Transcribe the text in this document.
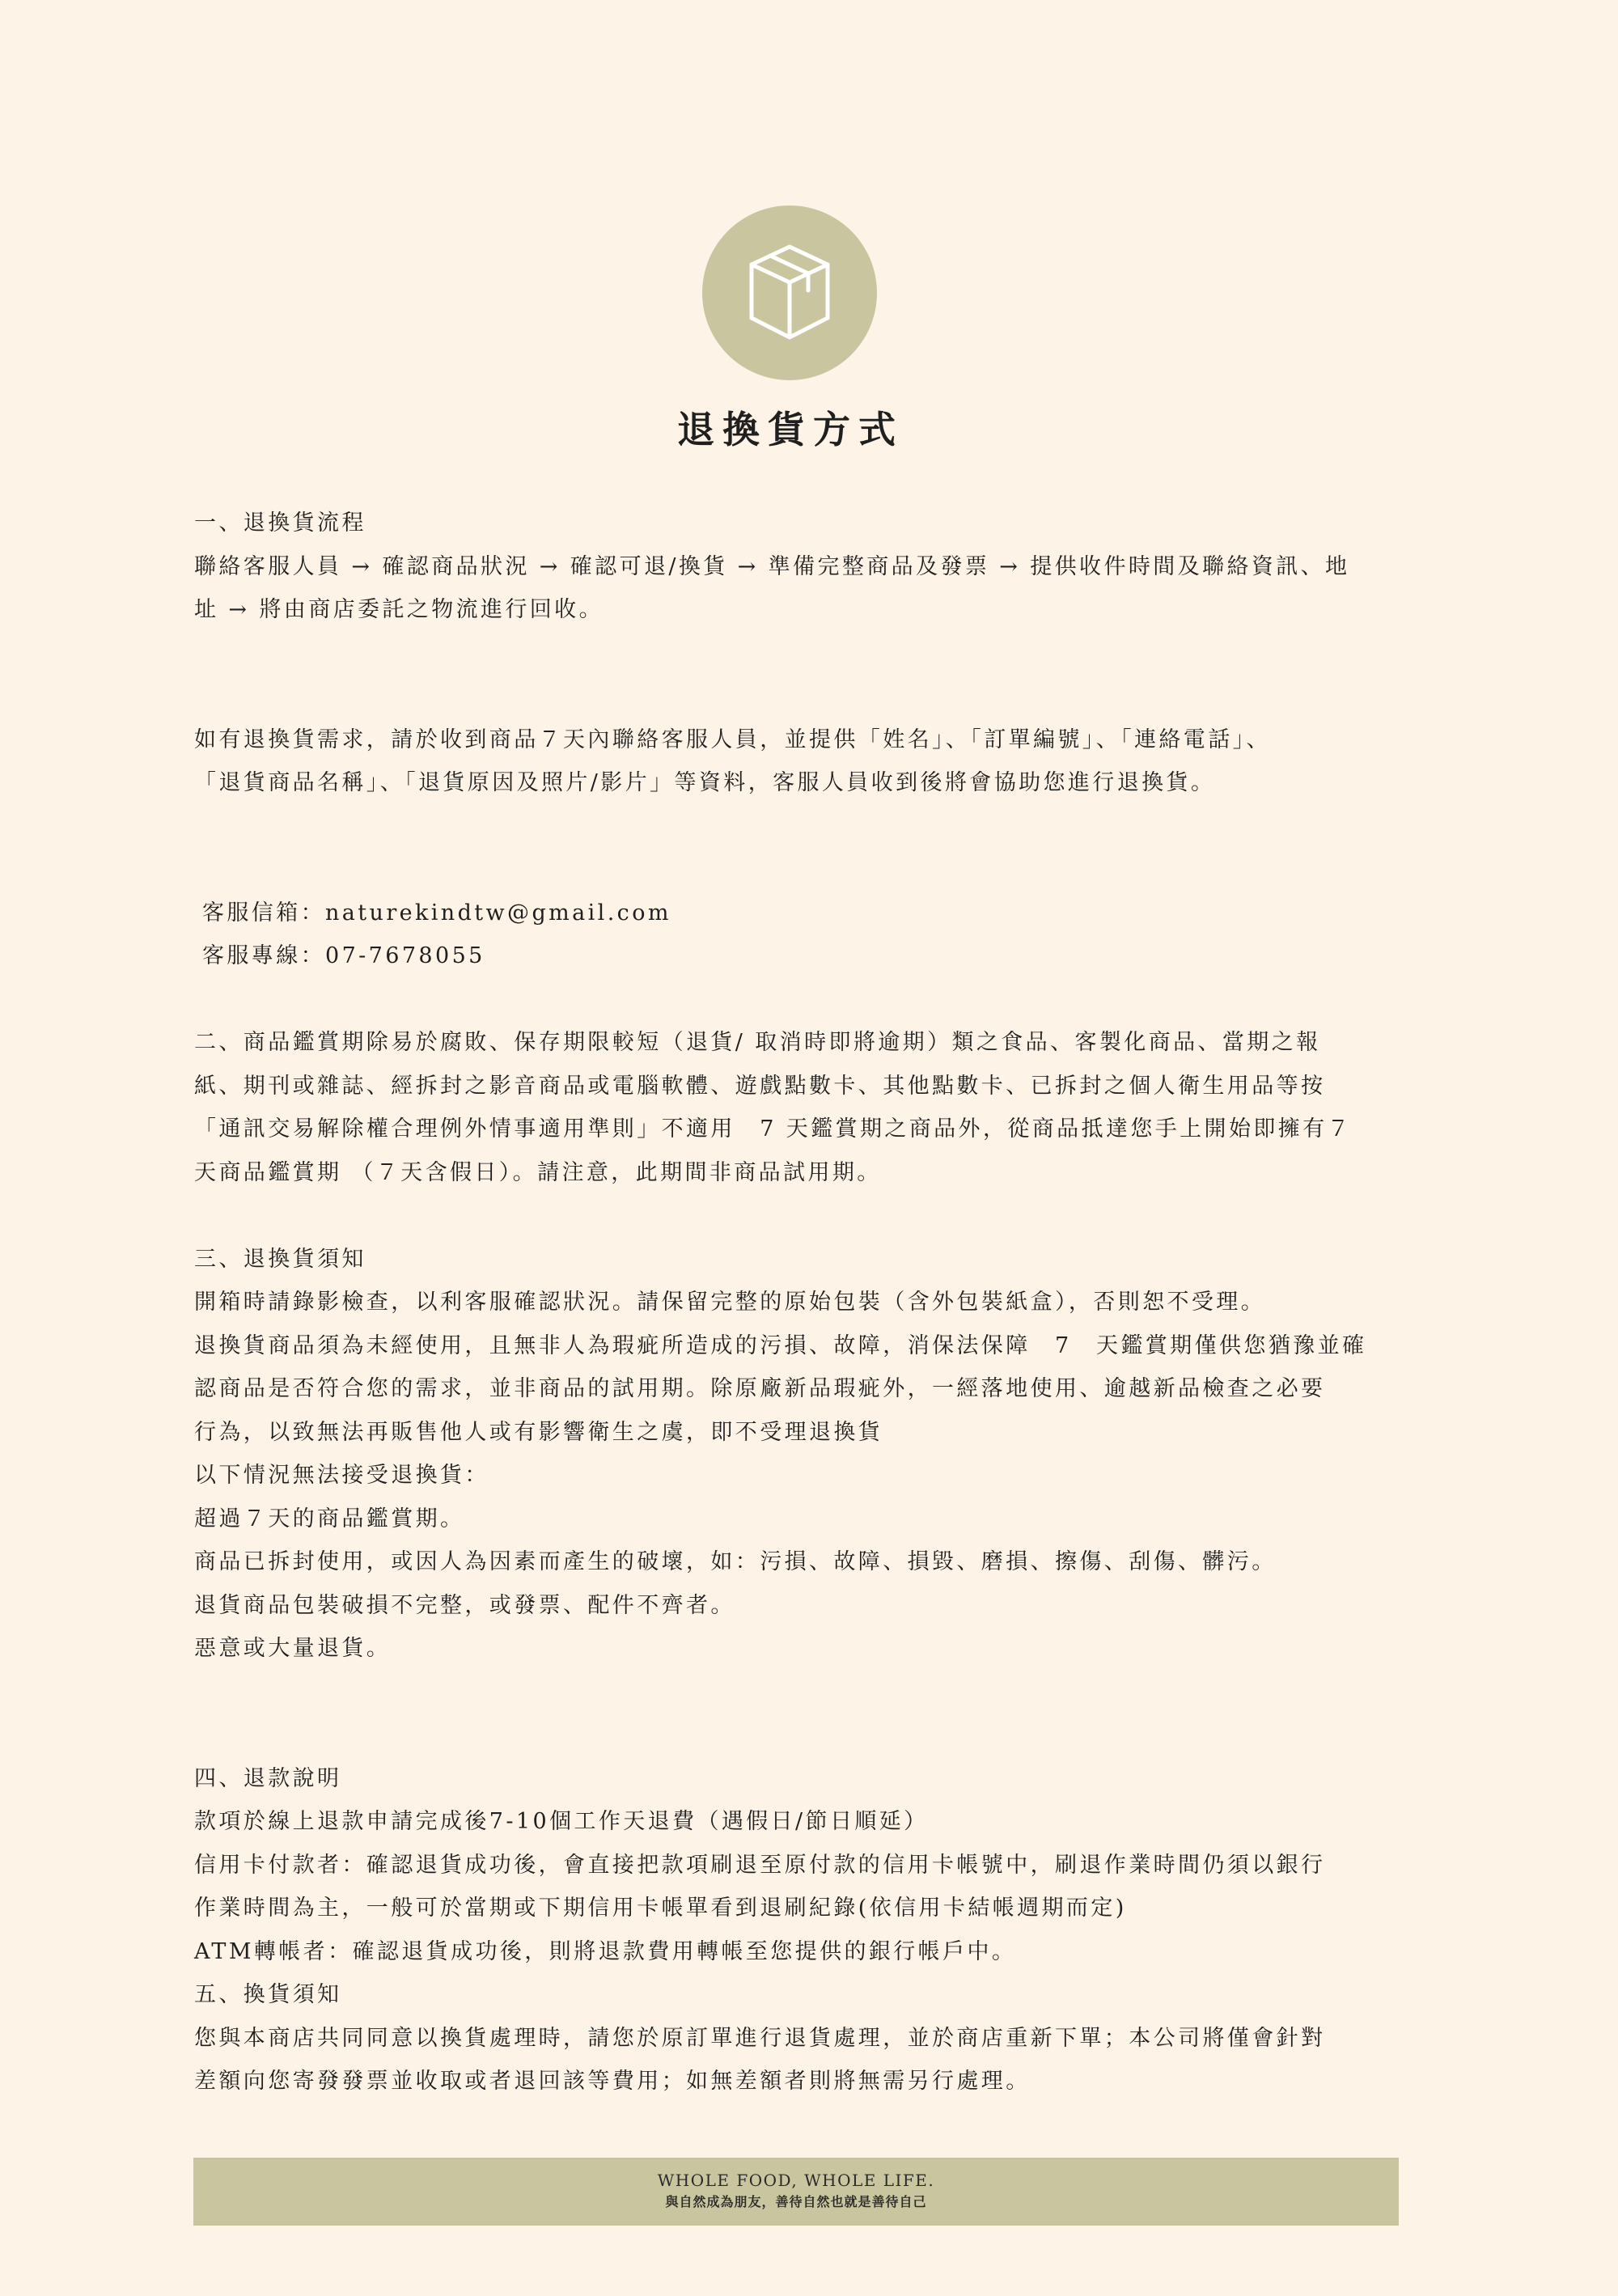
退換貨方式
一、退換貨流程
聯絡客服人員 → 確認商品狀況 → 確認可退/換貨 → 準備完整商品及發票 → 提供收件時間及聯絡資訊、地
址 → 將由商店委託之物流進行回收。
如有退換貨需求，請於收到商品７天內聯絡客服人員，並提供「姓名」、「訂單編號」、「連絡電話」、
「退貨商品名稱」、「退貨原因及照片/影片」等資料，客服人員收到後將會協助您進行退換貨。
客服信箱：naturekindtw@gmail.com
客服專線：07-7678055
二、商品鑑賞期除易於腐敗、保存期限較短（退貨/ 取消時即將逾期）類之食品、客製化商品、當期之報
紙、期刊或雜誌、經拆封之影音商品或電腦軟體、遊戲點數卡、其他點數卡、已拆封之個人衛生用品等按
「通訊交易解除權合理例外情事適用準則」不適用　7 天鑑賞期之商品外，從商品抵達您手上開始即擁有７
天商品鑑賞期 （７天含假日）。請注意，此期間非商品試用期。
三、退換貨須知
開箱時請錄影檢查，以利客服確認狀況。請保留完整的原始包裝（含外包裝紙盒），否則恕不受理。
退換貨商品須為未經使用，且無非人為瑕疵所造成的污損、故障，消保法保障　7　天鑑賞期僅供您猶豫並確
認商品是否符合您的需求，並非商品的試用期。除原廠新品瑕疵外，一經落地使用、逾越新品檢查之必要
行為，以致無法再販售他人或有影響衛生之虞，即不受理退換貨
以下情況無法接受退換貨：
超過７天的商品鑑賞期。
商品已拆封使用，或因人為因素而產生的破壞，如：污損、故障、損毀、磨損、擦傷、刮傷、髒污。
退貨商品包裝破損不完整，或發票、配件不齊者。
惡意或大量退貨。
四、退款說明
款項於線上退款申請完成後7-10個工作天退費（遇假日/節日順延）
信用卡付款者：確認退貨成功後，會直接把款項刷退至原付款的信用卡帳號中，刷退作業時間仍須以銀行
作業時間為主，一般可於當期或下期信用卡帳單看到退刷紀錄(依信用卡結帳週期而定)
ATM轉帳者：確認退貨成功後，則將退款費用轉帳至您提供的銀行帳戶中。
五、換貨須知
您與本商店共同同意以換貨處理時，請您於原訂單進行退貨處理，並於商店重新下單；本公司將僅會針對
差額向您寄發發票並收取或者退回該等費用；如無差額者則將無需另行處理。
WHOLE FOOD, WHOLE LIFE.
與自然成為朋友，善待自然也就是善待自己
